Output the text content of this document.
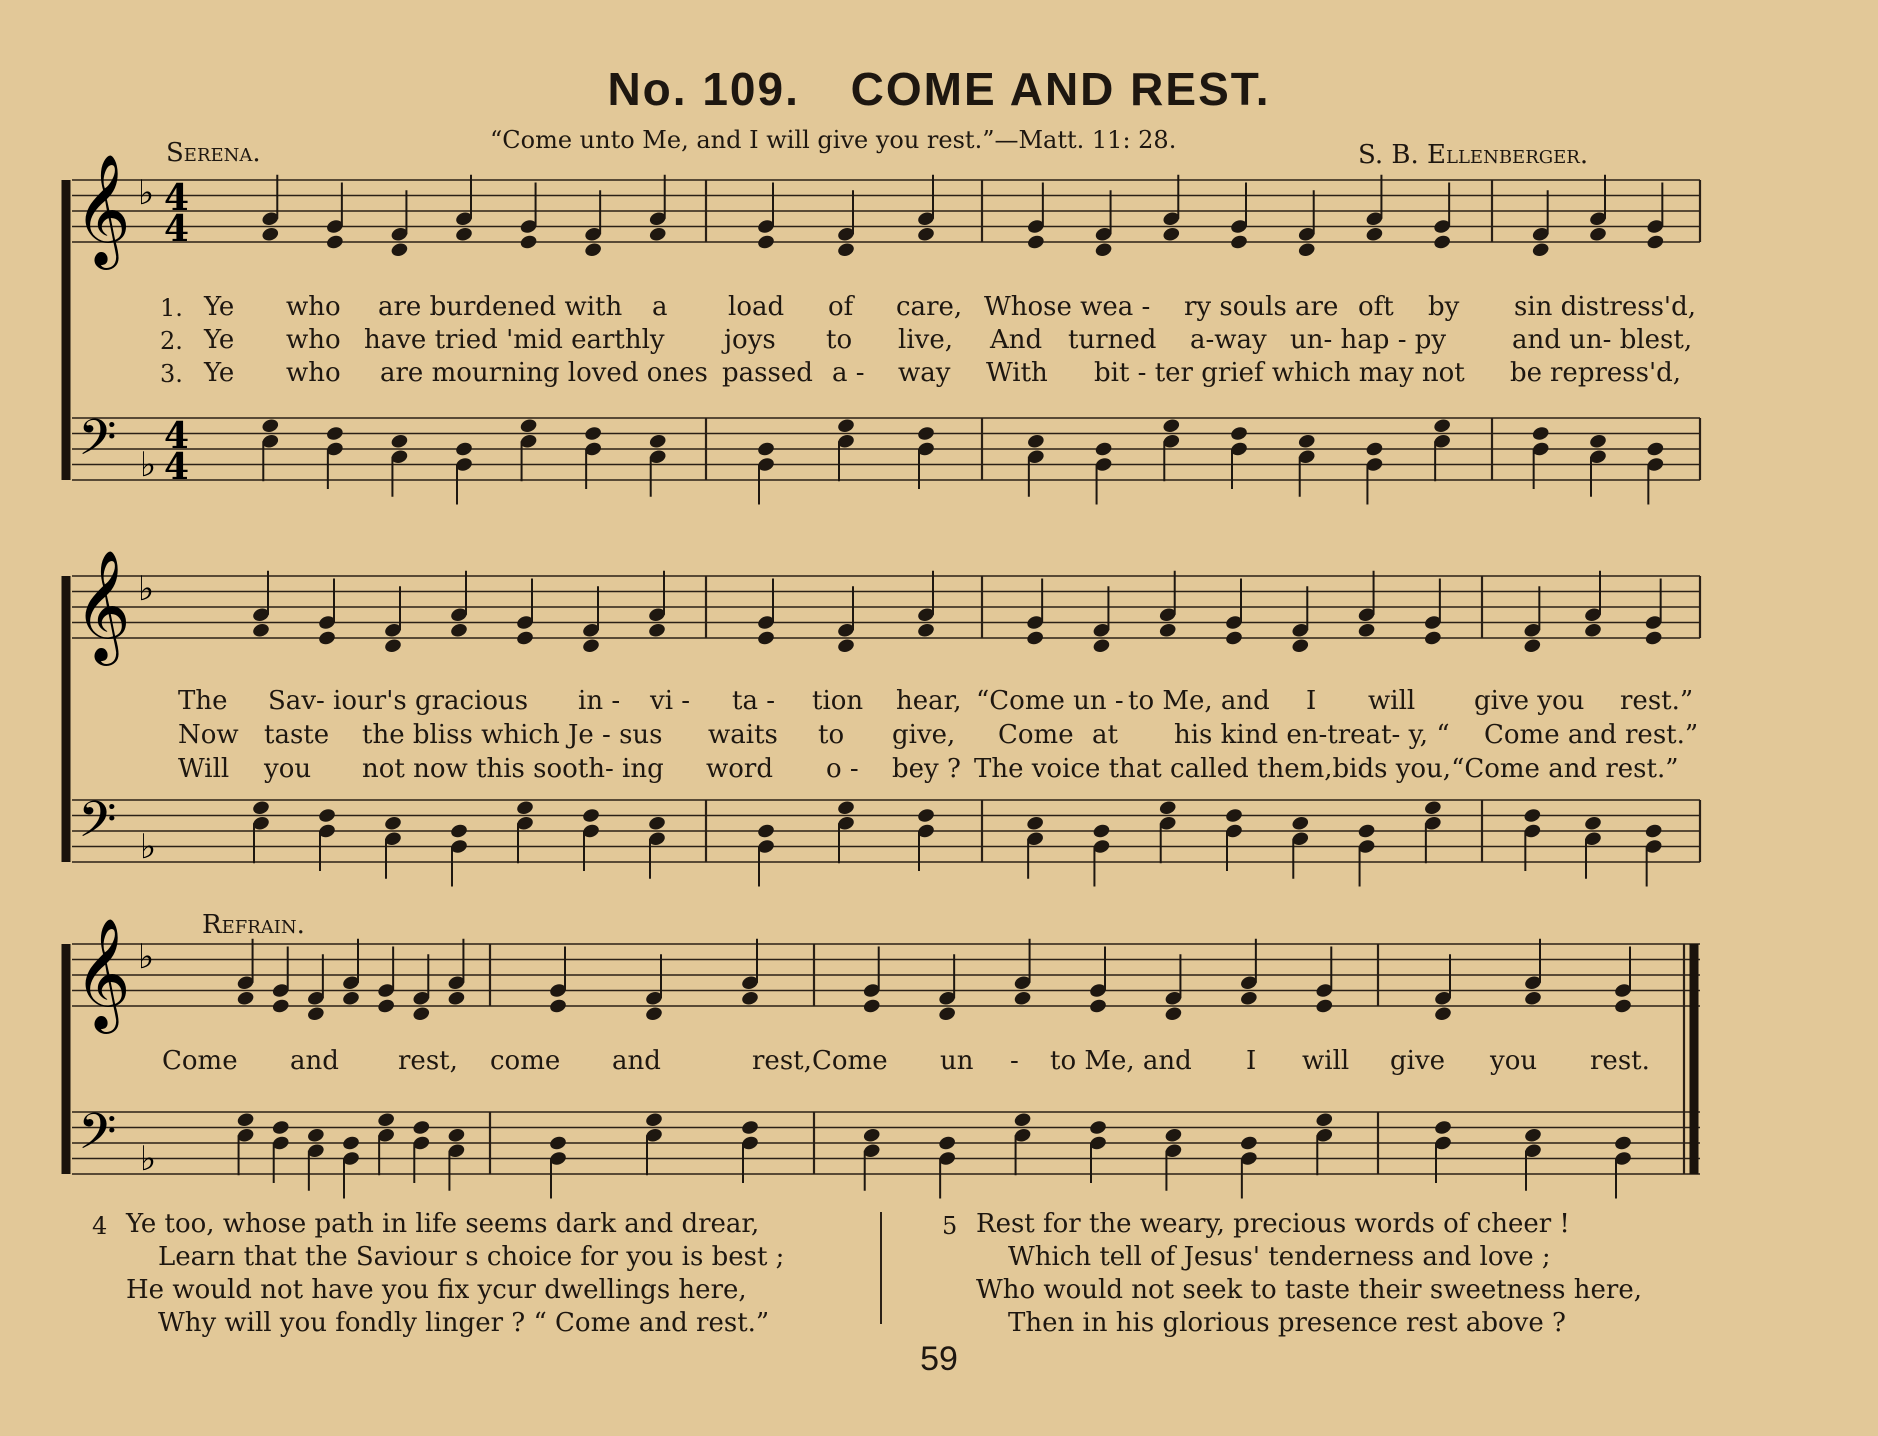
No. 109. COME AND REST.
Serena.	“Come unto Me, and I will give you rest.”—Matt. 11: 28.	S. B. Ellenberger.
Refrain.
𝄞
𝄢
♭
♭
4
4
4
4
𝄞
𝄢
♭
♭
𝄞
𝄢
♭
♭
1. Ye who are burdened with a load of care, Whose wea - ry souls are oft by sin distress'd,
2. Ye who have tried 'mid earthly joys to live, And turned a-way un- hap - py	and un- blest,
3. Ye who are mourning loved ones passed a - way With bit - ter grief which may not be repress'd,
The Sav- iour's gracious in - vi - ta - tion hear, “Come un - to Me, and I will give you rest.”
Now taste the bliss which Je - sus waits to give, Come at his kind en-treat- y, “ Come and rest.”
Will you not now this sooth- ing word o - bey ? The voice that called them,bids you,“Come and rest.”
Come and rest, come and	rest, Come un - to Me, and I will give you rest.
4 Ye too, whose path in life seems dark and drear,
Learn that the Saviour s choice for you is best ;
He would not have you fix ycur dwellings here,
Why will you fondly linger ? “ Come and rest.”
5 Rest for the weary, precious words of cheer !
Which tell of Jesus' tenderness and love ;
Who would not seek to taste their sweetness here,
Then in his glorious presence rest above ?
59
